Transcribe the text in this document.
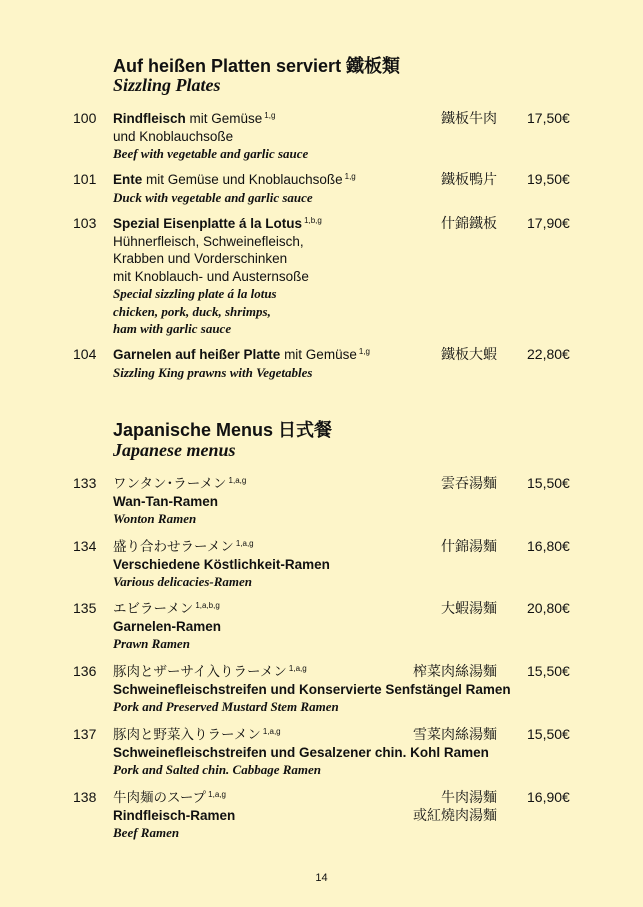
Auf heißen Platten serviert 鐵板類
Sizzling Plates
100 Rindfleisch mit Gemüse $^{1,g}$
und Knoblauchsoße
Beef with vegetable and garlic sauce
鐵板牛肉 17,50€
101 Ente mit Gemüse und Knoblauchsoße $^{1,g}$
Duck with vegetable and garlic sauce
鐵板鴨片 19,50€
103 Spezial Eisenplatte á la Lotus $^{1,b,g}$
Hühnerfleisch, Schweinefleisch,
Krabben und Vorderschinken
mit Knoblauch- und Austernsoße
Special sizzling plate á la lotus
chicken, pork, duck, shrimps,
ham with garlic sauce
什錦鐵板 17,90€
104 Garnelen auf heißer Platte mit Gemüse $^{1,g}$
Sizzling King prawns with Vegetables
鐵板大蝦 22,80€
Japanische Menus 日式餐
Japanese menus
133 ワンタン･ラーメン $^{1,a,g}$
Wan-Tan-Ramen
Wonton Ramen
雲吞湯麵 15,50€
134 盛り合わせラーメン $^{1,a,g}$
Verschiedene Köstlichkeit-Ramen
Various delicacies-Ramen
什錦湯麵 16,80€
135 エビラーメン $^{1,a,b,g}$
Garnelen-Ramen
Prawn Ramen
大蝦湯麵 20,80€
136 豚肉とザーサイ入りラーメン $^{1,a,g}$
Schweinefleischstreifen und Konservierte Senfstängel Ramen
Pork and Preserved Mustard Stem Ramen
榨菜肉絲湯麵 15,50€
137 豚肉と野菜入りラーメン $^{1,a,g}$
Schweinefleischstreifen und Gesalzener chin. Kohl Ramen
Pork and Salted chin. Cabbage Ramen
雪菜肉絲湯麵 15,50€
138 牛肉麺のスープ $^{1,a,g}$
Rindfleisch-Ramen
Beef Ramen
牛肉湯麵
或紅燒肉湯麵
16,90€
14
